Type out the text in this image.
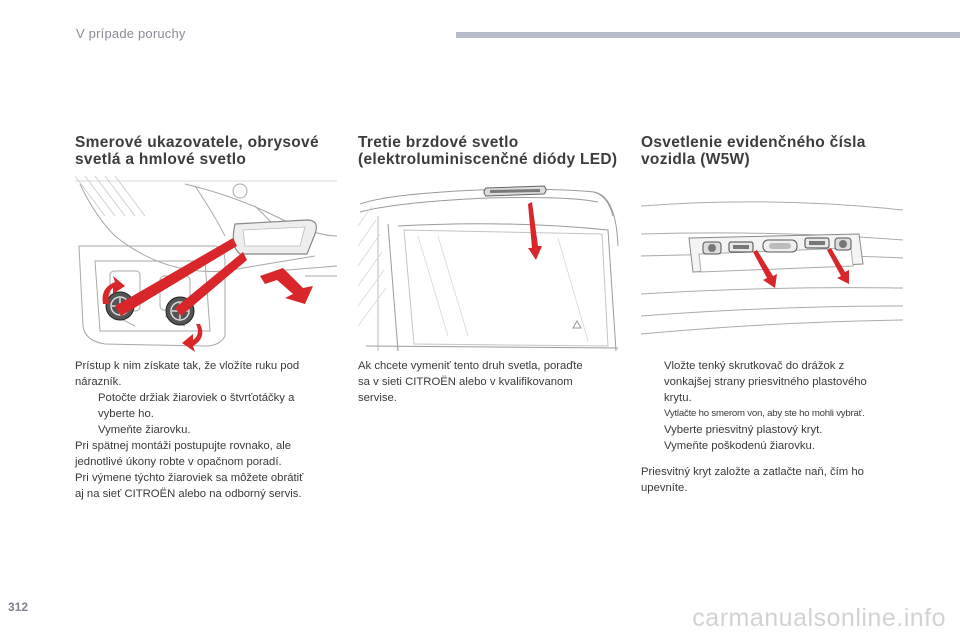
V prípade poruchy
Smerové ukazovatele, obrysové
svetlá a hmlové svetlo

Prístup k nim získate tak, že vložíte ruku pod

nárazník.

Potočte držiak žiaroviek o štvrťotáčky a
vyberte ho.
Vymeňte žiarovku.

Pri spätnej montáži postupujte rovnako, ale

jednotlivé úkony robte v opačnom poradí.

Pri výmene týchto žiaroviek sa môžete obrátiť

aj na sieť CITROËN alebo na odborný servis.

Tretie brzdové svetlo
(elektroluminiscenčné diódy LED)

Ak chcete vymeniť tento druh svetla, poraďte

sa v sieti CITROËN alebo v kvalifikovanom

servise.

Osvetlenie evidenčného čísla
vozidla (W5W)
Vložte tenký skrutkovač do drážok z
vonkajšej strany priesvitného plastového
krytu.
Vytlačte ho smerom von, aby ste ho mohli vybrať.
Vyberte priesvitný plastový kryt.
Vymeňte poškodenú žiarovku.

Priesvitný kryt založte a zatlačte naň, čím ho

upevníte.

312	carmanualsonline.info
